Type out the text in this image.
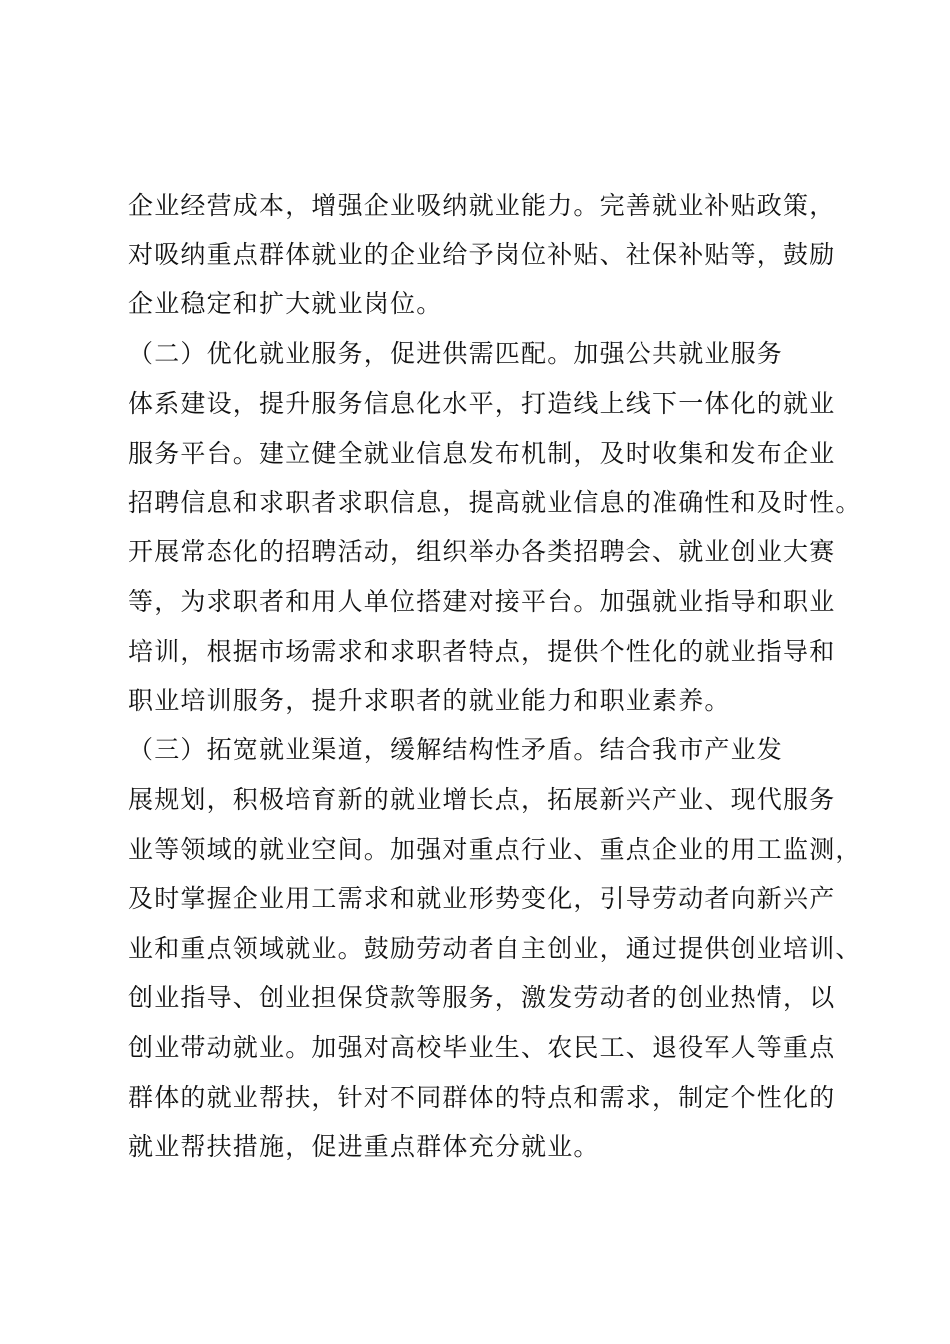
企业经营成本，增强企业吸纳就业能力。完善就业补贴政策，
对吸纳重点群体就业的企业给予岗位补贴、社保补贴等，鼓励
企业稳定和扩大就业岗位。
（二）优化就业服务，促进供需匹配。加强公共就业服务
体系建设，提升服务信息化水平，打造线上线下一体化的就业
服务平台。建立健全就业信息发布机制，及时收集和发布企业
招聘信息和求职者求职信息，提高就业信息的准确性和及时性。
开展常态化的招聘活动，组织举办各类招聘会、就业创业大赛
等，为求职者和用人单位搭建对接平台。加强就业指导和职业
培训，根据市场需求和求职者特点，提供个性化的就业指导和
职业培训服务，提升求职者的就业能力和职业素养。
（三）拓宽就业渠道，缓解结构性矛盾。结合我市产业发
展规划，积极培育新的就业增长点，拓展新兴产业、现代服务
业等领域的就业空间。加强对重点行业、重点企业的用工监测，
及时掌握企业用工需求和就业形势变化，引导劳动者向新兴产
业和重点领域就业。鼓励劳动者自主创业，通过提供创业培训、
创业指导、创业担保贷款等服务，激发劳动者的创业热情，以
创业带动就业。加强对高校毕业生、农民工、退役军人等重点
群体的就业帮扶，针对不同群体的特点和需求，制定个性化的
就业帮扶措施，促进重点群体充分就业。
